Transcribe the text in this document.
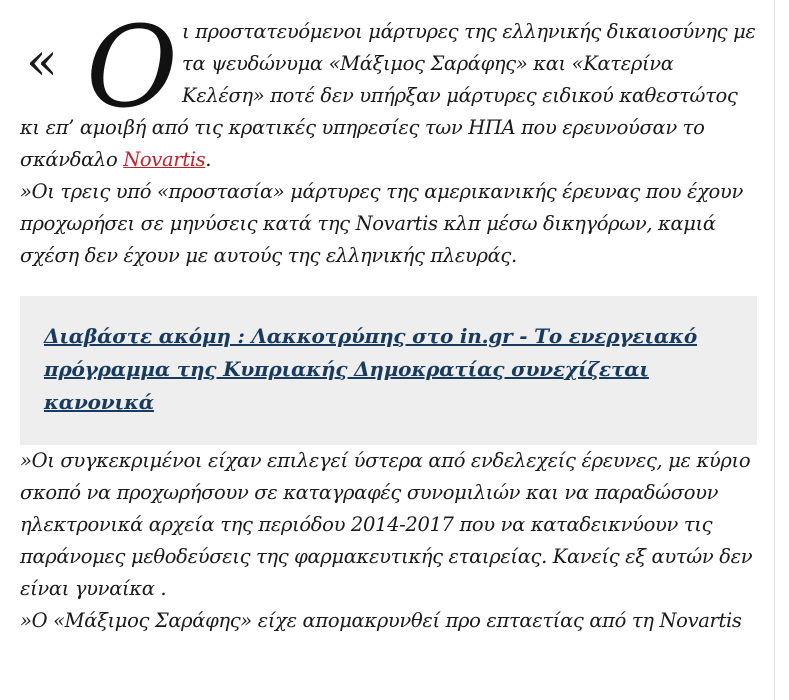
« Ο ι προστατευόμενοι μάρτυρες της ελληνικής δικαιοσύνης με τα ψευδώνυμα «Μάξιμος Σαράφης» και «Κατερίνα Κελέση» ποτέ δεν υπήρξαν μάρτυρες ειδικού καθεστώτος κι επ’ αμοιβή από τις κρατικές υπηρεσίες των ΗΠΑ που ερευνούσαν το σκάνδαλο Novartis.

»Οι τρεις υπό «προστασία» μάρτυρες της αμερικανικής έρευνας που έχουν προχωρήσει σε μηνύσεις κατά της Novartis κλπ μέσω δικηγόρων, καμιά σχέση δεν έχουν με αυτούς της ελληνικής πλευράς.

Διαβάστε ακόμη : Λακκοτρύπης στο in.gr - Το ενεργειακό πρόγραμμα της Κυπριακής Δημοκρατίας συνεχίζεται κανονικά

»Οι συγκεκριμένοι είχαν επιλεγεί ύστερα από ενδελεχείς έρευνες, με κύριο σκοπό να προχωρήσουν σε καταγραφές συνομιλιών και να παραδώσουν ηλεκτρονικά αρχεία της περιόδου 2014-2017 που να καταδεικνύουν τις παράνομες μεθοδεύσεις της φαρμακευτικής εταιρείας. Κανείς εξ αυτών δεν είναι γυναίκα .

»Ο «Μάξιμος Σαράφης» είχε απομακρυνθεί προ επταετίας από τη Novartis
